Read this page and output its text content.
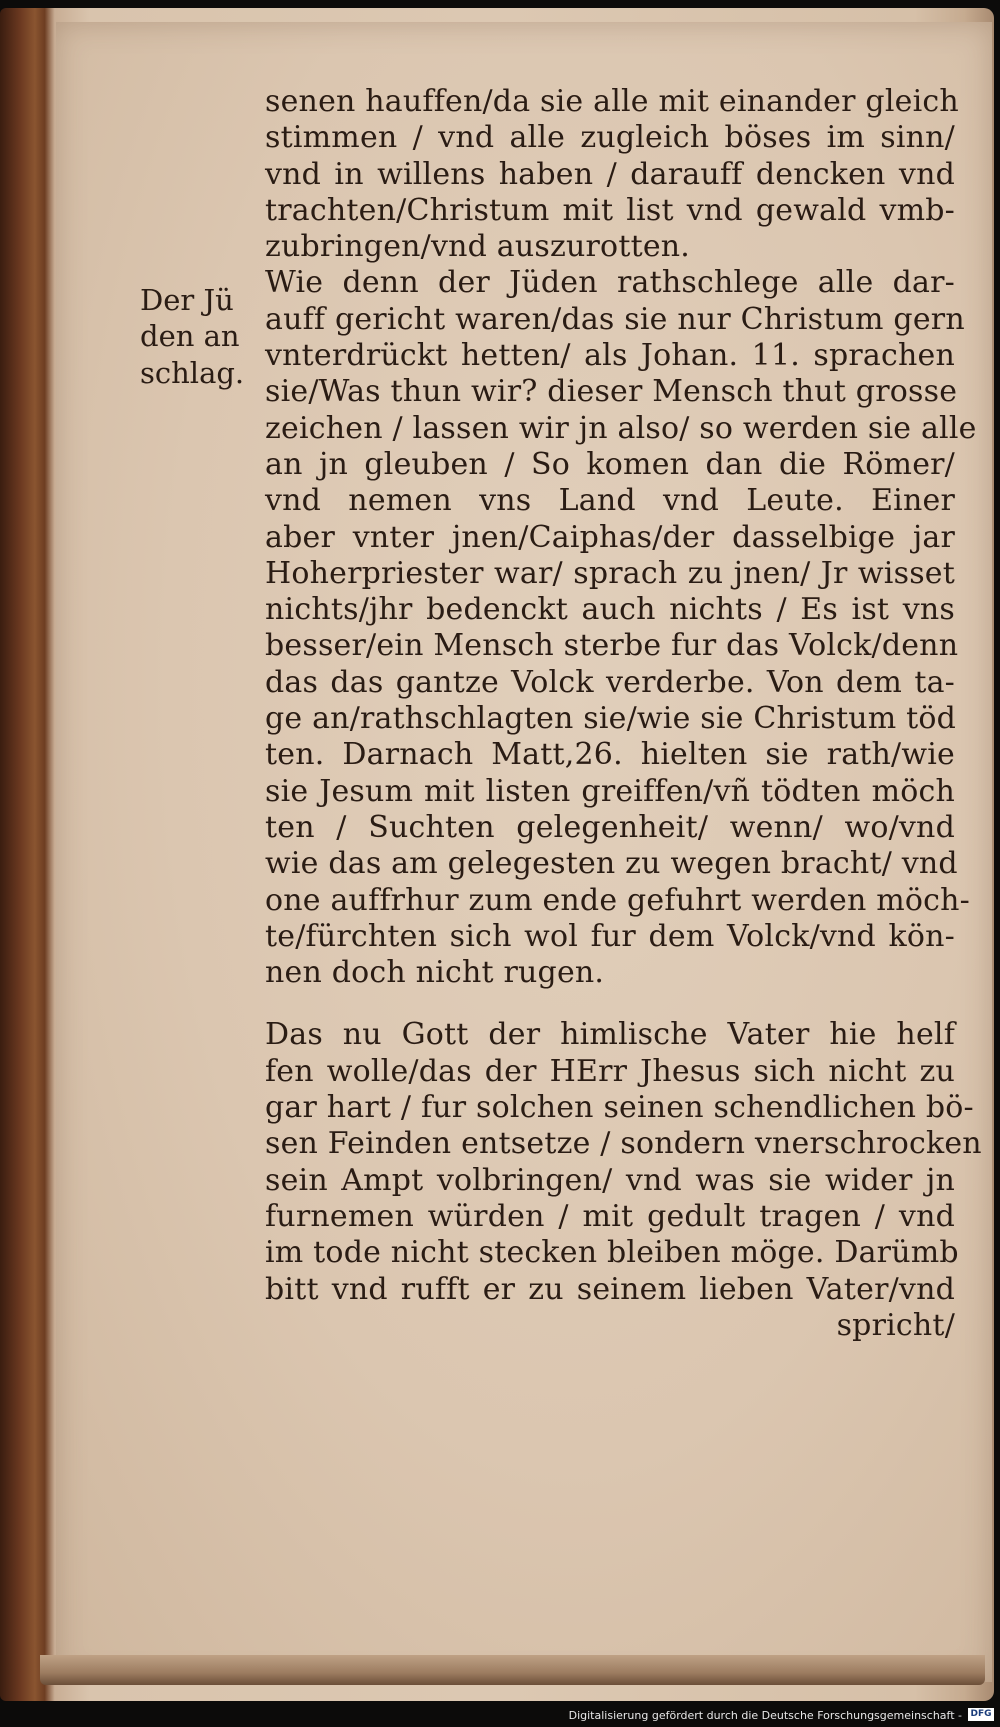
Der Jü
den an
schlag.
senen hauffen/da sie alle mit einander gleich
stimmen / vnd alle zugleich böses im sinn/
vnd in willens haben / darauff dencken vnd
trachten/Christum mit list vnd gewald vmb-
zubringen/vnd auszurotten.
Wie denn der Jüden rathschlege alle dar-
auff gericht waren/das sie nur Christum gern
vnterdrückt hetten/ als Johan. 11. sprachen
sie/Was thun wir? dieser Mensch thut grosse
zeichen / lassen wir jn also/ so werden sie alle
an jn gleuben / So komen dan die Römer/
vnd nemen vns Land vnd Leute. Einer
aber vnter jnen/Caiphas/der dasselbige jar
Hoherpriester war/ sprach zu jnen/ Jr wisset
nichts/jhr bedenckt auch nichts / Es ist vns
besser/ein Mensch sterbe fur das Volck/denn
das das gantze Volck verderbe. Von dem ta-
ge an/rathschlagten sie/wie sie Christum töd
ten. Darnach Matt,26. hielten sie rath/wie
sie Jesum mit listen greiffen/vñ tödten möch
ten / Suchten gelegenheit/ wenn/ wo/vnd
wie das am gelegesten zu wegen bracht/ vnd
one auffrhur zum ende gefuhrt werden möch-
te/fürchten sich wol fur dem Volck/vnd kön-
nen doch nicht rugen.
Das nu Gott der himlische Vater hie helf
fen wolle/das der HErr Jhesus sich nicht zu
gar hart / fur solchen seinen schendlichen bö-
sen Feinden entsetze / sondern vnerschrocken
sein Ampt volbringen/ vnd was sie wider jn
furnemen würden / mit gedult tragen / vnd
im tode nicht stecken bleiben möge. Darümb
bitt vnd rufft er zu seinem lieben Vater/vnd
spricht/
Digitalisierung gefördert durch die Deutsche Forschungsgemeinschaft - DFG
